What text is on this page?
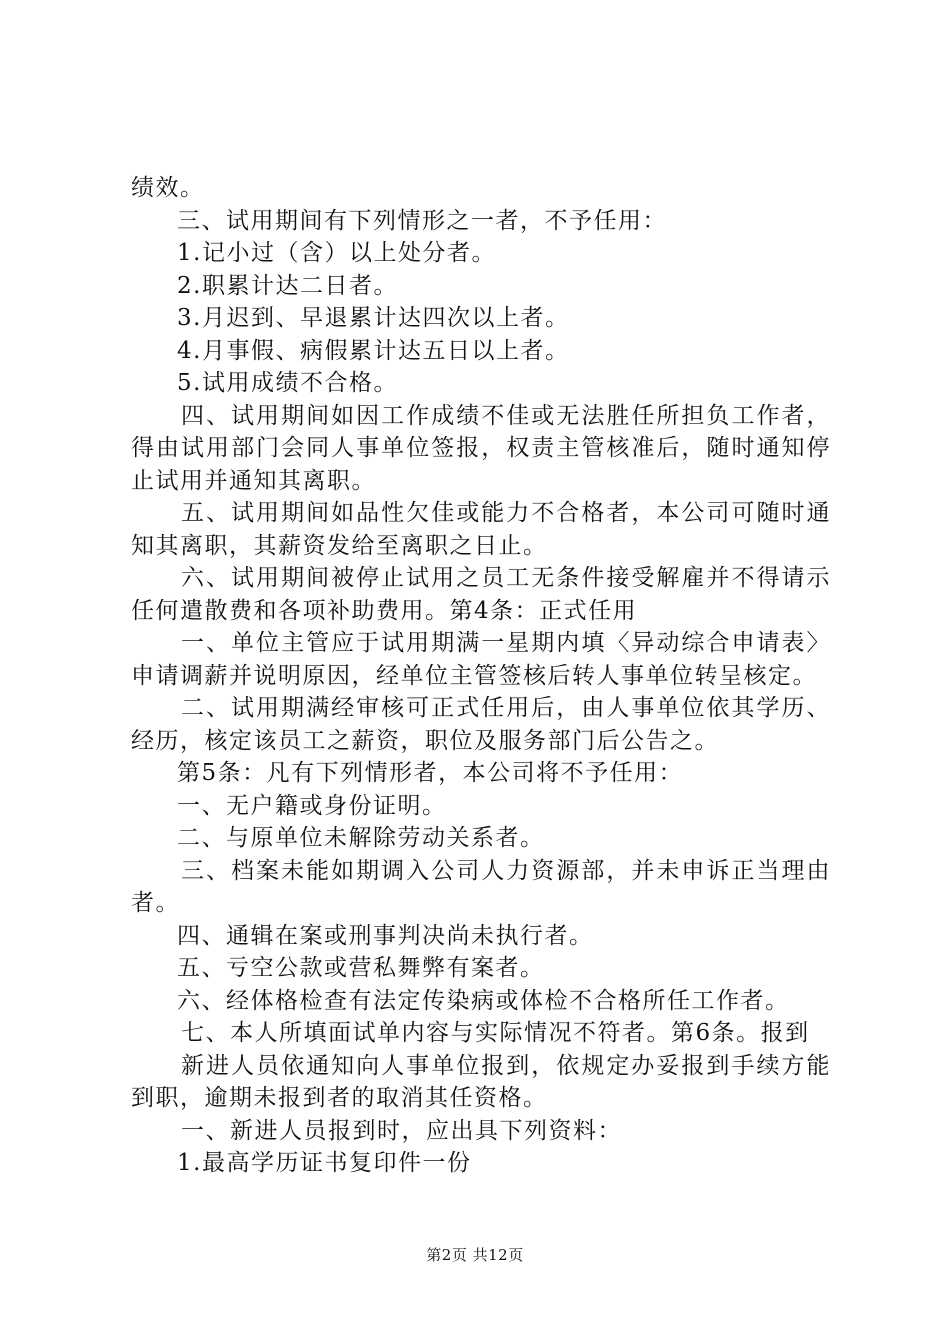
绩效。

三、试用期间有下列情形之一者，不予任用：

1.记小过（含）以上处分者。

2.职累计达二日者。

3.月迟到、早退累计达四次以上者。

4.月事假、病假累计达五日以上者。

5.试用成绩不合格。

四、试用期间如因工作成绩不佳或无法胜任所担负工作者，得由试用部门会同人事单位签报，权责主管核准后，随时通知停止试用并通知其离职。

五、试用期间如品性欠佳或能力不合格者，本公司可随时通知其离职，其薪资发给至离职之日止。

六、试用期间被停止试用之员工无条件接受解雇并不得请示任何遣散费和各项补助费用。第4条：正式任用

一、单位主管应于试用期满一星期内填〈异动综合申请表〉申请调薪并说明原因，经单位主管签核后转人事单位转呈核定。

二、试用期满经审核可正式任用后，由人事单位依其学历、经历，核定该员工之薪资，职位及服务部门后公告之。

第5条：凡有下列情形者，本公司将不予任用：

一、无户籍或身份证明。

二、与原单位未解除劳动关系者。

三、档案未能如期调入公司人力资源部，并未申诉正当理由者。

四、通辑在案或刑事判决尚未执行者。

五、亏空公款或营私舞弊有案者。

六、经体格检查有法定传染病或体检不合格所任工作者。

七、本人所填面试单内容与实际情况不符者。第6条。报到

新进人员依通知向人事单位报到，依规定办妥报到手续方能到职，逾期未报到者的取消其任资格。

一、新进人员报到时，应出具下列资料：

1.最高学历证书复印件一份

第2页 共12页
